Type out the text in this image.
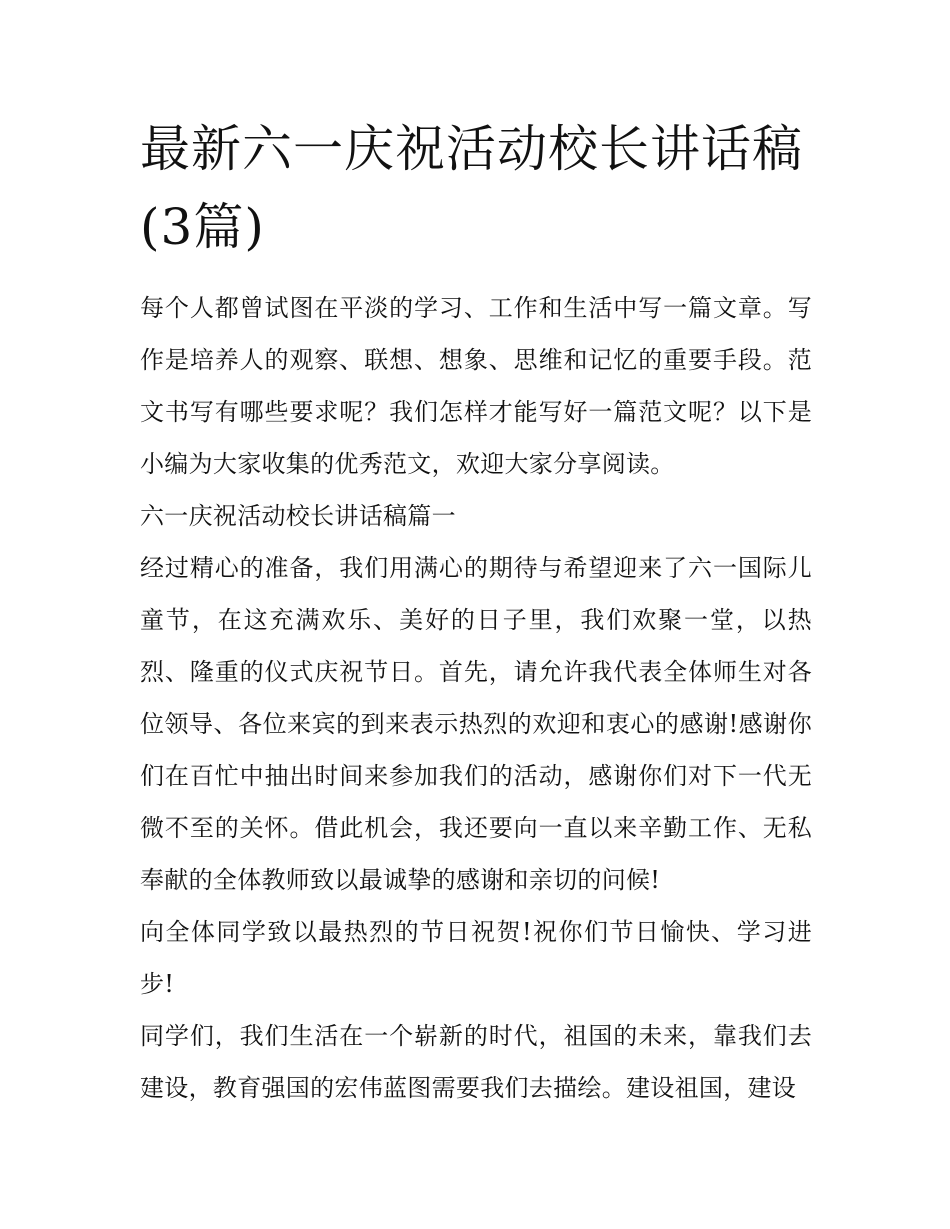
最新六一庆祝活动校长讲话稿(3篇)

每个人都曾试图在平淡的学习、工作和生活中写一篇文章。写作是培养人的观察、联想、想象、思维和记忆的重要手段。范文书写有哪些要求呢？我们怎样才能写好一篇范文呢？以下是小编为大家收集的优秀范文，欢迎大家分享阅读。

六一庆祝活动校长讲话稿篇一

经过精心的准备，我们用满心的期待与希望迎来了六一国际儿童节，在这充满欢乐、美好的日子里，我们欢聚一堂，以热烈、隆重的仪式庆祝节日。首先，请允许我代表全体师生对各位领导、各位来宾的到来表示热烈的欢迎和衷心的感谢!感谢你们在百忙中抽出时间来参加我们的活动，感谢你们对下一代无微不至的关怀。借此机会，我还要向一直以来辛勤工作、无私奉献的全体教师致以最诚挚的感谢和亲切的问候!

向全体同学致以最热烈的节日祝贺!祝你们节日愉快、学习进步!

同学们，我们生活在一个崭新的时代，祖国的未来，靠我们去建设，教育强国的宏伟蓝图需要我们去描绘。建设祖国，建设
